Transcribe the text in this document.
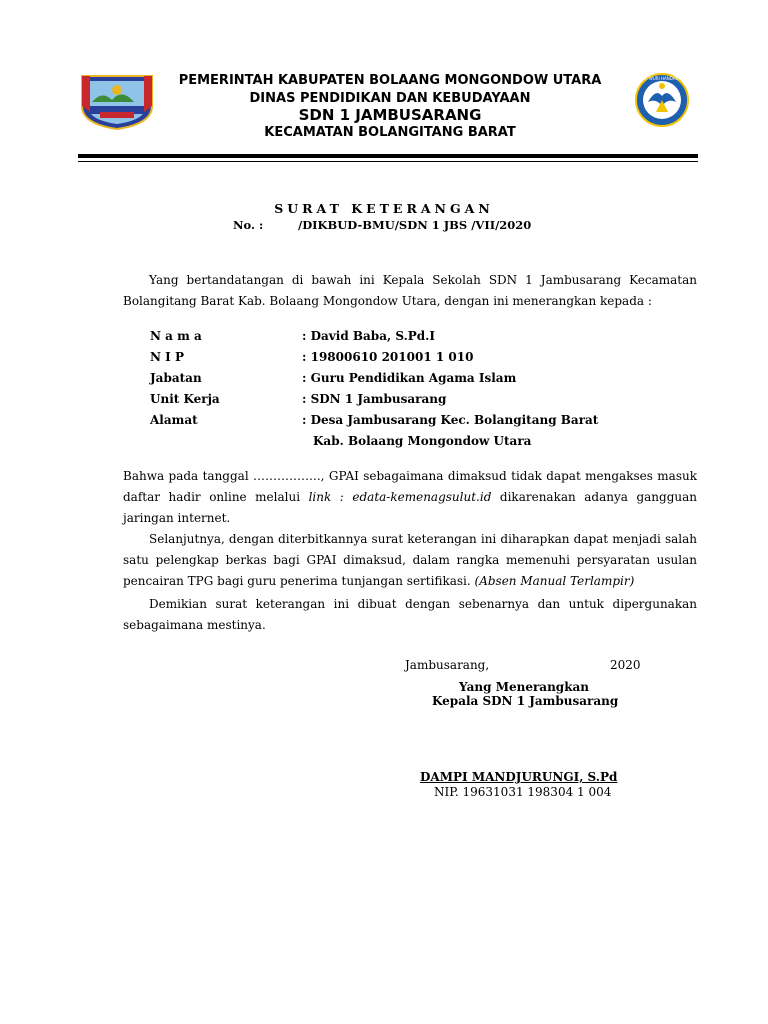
TUT WURI HANDAYANI
PEMERINTAH KABUPATEN BOLAANG MONGONDOW UTARA
DINAS PENDIDIKAN DAN KEBUDAYAAN
SDN 1 JAMBUSARANG
KECAMATAN BOLANGITANG BARAT
SURAT KETERANGAN
No. :	/DIKBUD-BMU/SDN 1 JBS /VII/2020
Yang bertandatangan di bawah ini Kepala Sekolah SDN 1 Jambusarang Kecamatan Bolangitang Barat Kab. Bolaang Mongondow Utara, dengan ini menerangkan kepada :
N a m a	: David Baba, S.Pd.I
N I P	: 19800610 201001 1 010
Jabatan	: Guru Pendidikan Agama Islam
Unit Kerja	: SDN 1 Jambusarang
Alamat	: Desa Jambusarang Kec. Bolangitang Barat
Kab. Bolaang Mongondow Utara
Bahwa pada tanggal …………….., GPAI sebagaimana dimaksud tidak dapat mengakses masuk daftar hadir online melalui link : edata-kemenagsulut.id dikarenakan adanya gangguan jaringan internet.
Selanjutnya, dengan diterbitkannya surat keterangan ini diharapkan dapat menjadi salah satu pelengkap berkas bagi GPAI dimaksud, dalam rangka memenuhi persyaratan usulan pencairan TPG bagi guru penerima tunjangan sertifikasi. (Absen Manual Terlampir)
Demikian surat keterangan ini dibuat dengan sebenarnya dan untuk dipergunakan sebagaimana mestinya.
Jambusarang,	2020
Yang Menerangkan
Kepala SDN 1 Jambusarang
DAMPI MANDJURUNGI, S.Pd
NIP. 19631031 198304 1 004
